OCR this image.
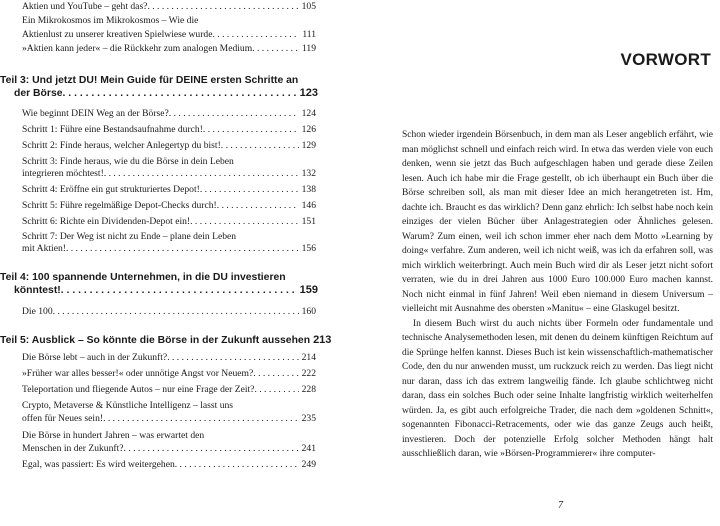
Aktien und YouTube – geht das? . . .	105
Ein Mikrokosmos im Mikrokosmos – Wie die
Aktienlust zu unserer kreativen Spielwiese wurde . . .	111
»Aktien kann jeder« – die Rückkehr zum analogen Medium . . .	119
Teil 3: Und jetzt DU! Mein Guide für DEINE ersten Schritte an
der Börse . . .	123
Wie beginnt DEIN Weg an der Börse? . . .	124
Schritt 1: Führe eine Bestandsaufnahme durch! . . .	126
Schritt 2: Finde heraus, welcher Anlegertyp du bist! . . .	129
Schritt 3: Finde heraus, wie du die Börse in dein Leben
integrieren möchtest! . . .	132
Schritt 4: Eröffne ein gut strukturiertes Depot! . . .	138
Schritt 5: Führe regelmäßige Depot-Checks durch! . . .	146
Schritt 6: Richte ein Dividenden-Depot ein! . . .	151
Schritt 7: Der Weg ist nicht zu Ende – plane dein Leben
mit Aktien! . . .	156
Teil 4: 100 spannende Unternehmen, in die DU investieren
könntest! . . .	159
Die 100 . . .	160
Teil 5: Ausblick – So könnte die Börse in der Zukunft aussehen 213
Die Börse lebt – auch in der Zukunft? . . .	214
»Früher war alles besser!« oder unnötige Angst vor Neuem? . . .	222
Teleportation und fliegende Autos – nur eine Frage der Zeit? . . .	228
Crypto, Metaverse & Künstliche Intelligenz – lasst uns
offen für Neues sein! . . .	235
Die Börse in hundert Jahren – was erwartet den
Menschen in der Zukunft? . . .	241
Egal, was passiert: Es wird weitergehen . . .	249
VORWORT

Schon wieder irgendein Börsenbuch, in dem man als Leser angeblich erfährt, wie man möglichst schnell und einfach reich wird. In etwa das werden viele von euch denken, wenn sie jetzt das Buch aufgeschlagen haben und gerade diese Zeilen lesen. Auch ich habe mir die Frage gestellt, ob ich überhaupt ein Buch über die Börse schreiben soll, als man mit dieser Idee an mich herangetreten ist. Hm, dachte ich. Braucht es das wirklich? Denn ganz ehrlich: Ich selbst habe noch kein einziges der vielen Bücher über Anlagestrategien oder Ähnliches gelesen. Warum? Zum einen, weil ich schon immer eher nach dem Motto »Learning by doing« verfahre. Zum anderen, weil ich nicht weiß, was ich da erfahren soll, was mich wirklich weiterbringt. Auch mein Buch wird dir als Leser jetzt nicht sofort verraten, wie du in drei Jahren aus 1000 Euro 100.000 Euro machen kannst. Noch nicht einmal in fünf Jahren! Weil eben niemand in diesem Universum – vielleicht mit Ausnahme des obersten »Manitu« – eine Glaskugel besitzt.

In diesem Buch wirst du auch nichts über Formeln oder fundamentale und technische Analysemethoden lesen, mit denen du deinem künftigen Reichtum auf die Sprünge helfen kannst. Dieses Buch ist kein wissenschaftlich-mathematischer Code, den du nur anwenden musst, um ruckzuck reich zu werden. Das liegt nicht nur daran, dass ich das extrem langweilig fände. Ich glaube schlichtweg nicht daran, dass ein solches Buch oder seine Inhalte langfristig wirklich weiterhelfen würden. Ja, es gibt auch erfolgreiche Trader, die nach dem »goldenen Schnitt«, sogenannten Fibonacci-Retracements, oder wie das ganze Zeugs auch heißt, investieren. Doch der potenzielle Erfolg solcher Methoden hängt halt ausschließlich daran, wie »Börsen-Programmierer« ihre computer-

7
